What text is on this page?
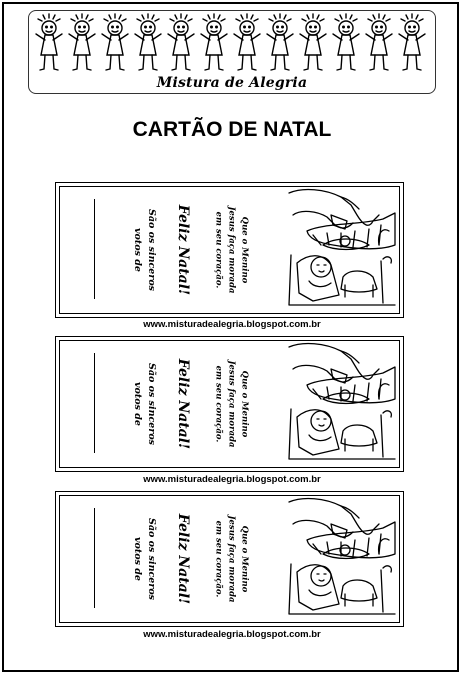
Mistura de Alegria
CARTÃO DE NATAL
São os sinceros
votos de Feliz Natal!	Que o Menino
Jesus faça morada
em seu coração.
www.misturadealegria.blogspot.com.br
São os sinceros
votos de Feliz Natal!	Que o Menino
Jesus faça morada
em seu coração.
www.misturadealegria.blogspot.com.br
São os sinceros
votos de Feliz Natal!	Que o Menino
Jesus faça morada
em seu coração.
www.misturadealegria.blogspot.com.br
